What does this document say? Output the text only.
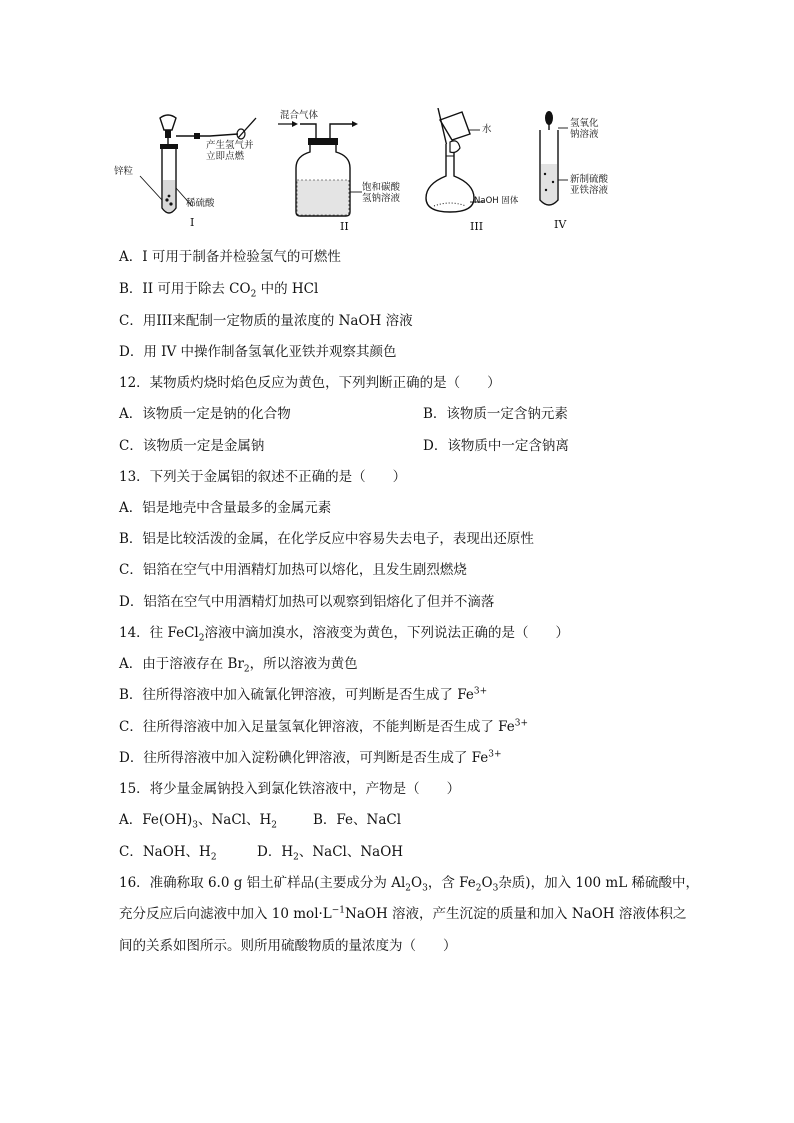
锌粒
稀硫酸
产生氢气并
立即点燃
I
混合气体
饱和碳酸
氢钠溶液
II
水
NaOH 固体
III
氢氧化
钠溶液
新制硫酸
亚铁溶液
IV
A．I 可用于制备并检验氢气的可燃性
B．II 可用于除去 $CO_2$ 中的 HCl
C．用III来配制一定物质的量浓度的 NaOH 溶液
D．用 IV 中操作制备氢氧化亚铁并观察其颜色
12．某物质灼烧时焰色反应为黄色，下列判断正确的是（　　）
A．该物质一定是钠的化合物	B．该物质一定含钠元素
C．该物质一定是金属钠	D．该物质中一定含钠离
13．下列关于金属铝的叙述不正确的是（　　）
A．铝是地壳中含量最多的金属元素
B．铝是比较活泼的金属，在化学反应中容易失去电子，表现出还原性
C．铝箔在空气中用酒精灯加热可以熔化，且发生剧烈燃烧
D．铝箔在空气中用酒精灯加热可以观察到铝熔化了但并不滴落
14．往 FeCl$_2$溶液中滴加溴水，溶液变为黄色，下列说法正确的是（　　）
A．由于溶液存在 $Br_2$，所以溶液为黄色
B．往所得溶液中加入硫氰化钾溶液，可判断是否生成了 $Fe^{3+}$
C．往所得溶液中加入足量氢氧化钾溶液，不能判断是否生成了 $Fe^{3+}$
D．往所得溶液中加入淀粉碘化钾溶液，可判断是否生成了 $Fe^{3+}$
15．将少量金属钠投入到氯化铁溶液中，产物是（　　）
A．$Fe(OH)_3$、NaCl、$H_2$	B．Fe、NaCl
C．NaOH、$H_2$	D．$H_2$、NaCl、NaOH
16．准确称取 6.0 g 铝土矿样品(主要成分为 $Al_2O_3$，含 $Fe_2O_3$杂质)，加入 100 mL 稀硫酸中，
充分反应后向滤液中加入 10 $mol\cdot L^{-1}NaOH$ 溶液，产生沉淀的质量和加入 NaOH 溶液体积之
间的关系如图所示。则所用硫酸物质的量浓度为（　　）
